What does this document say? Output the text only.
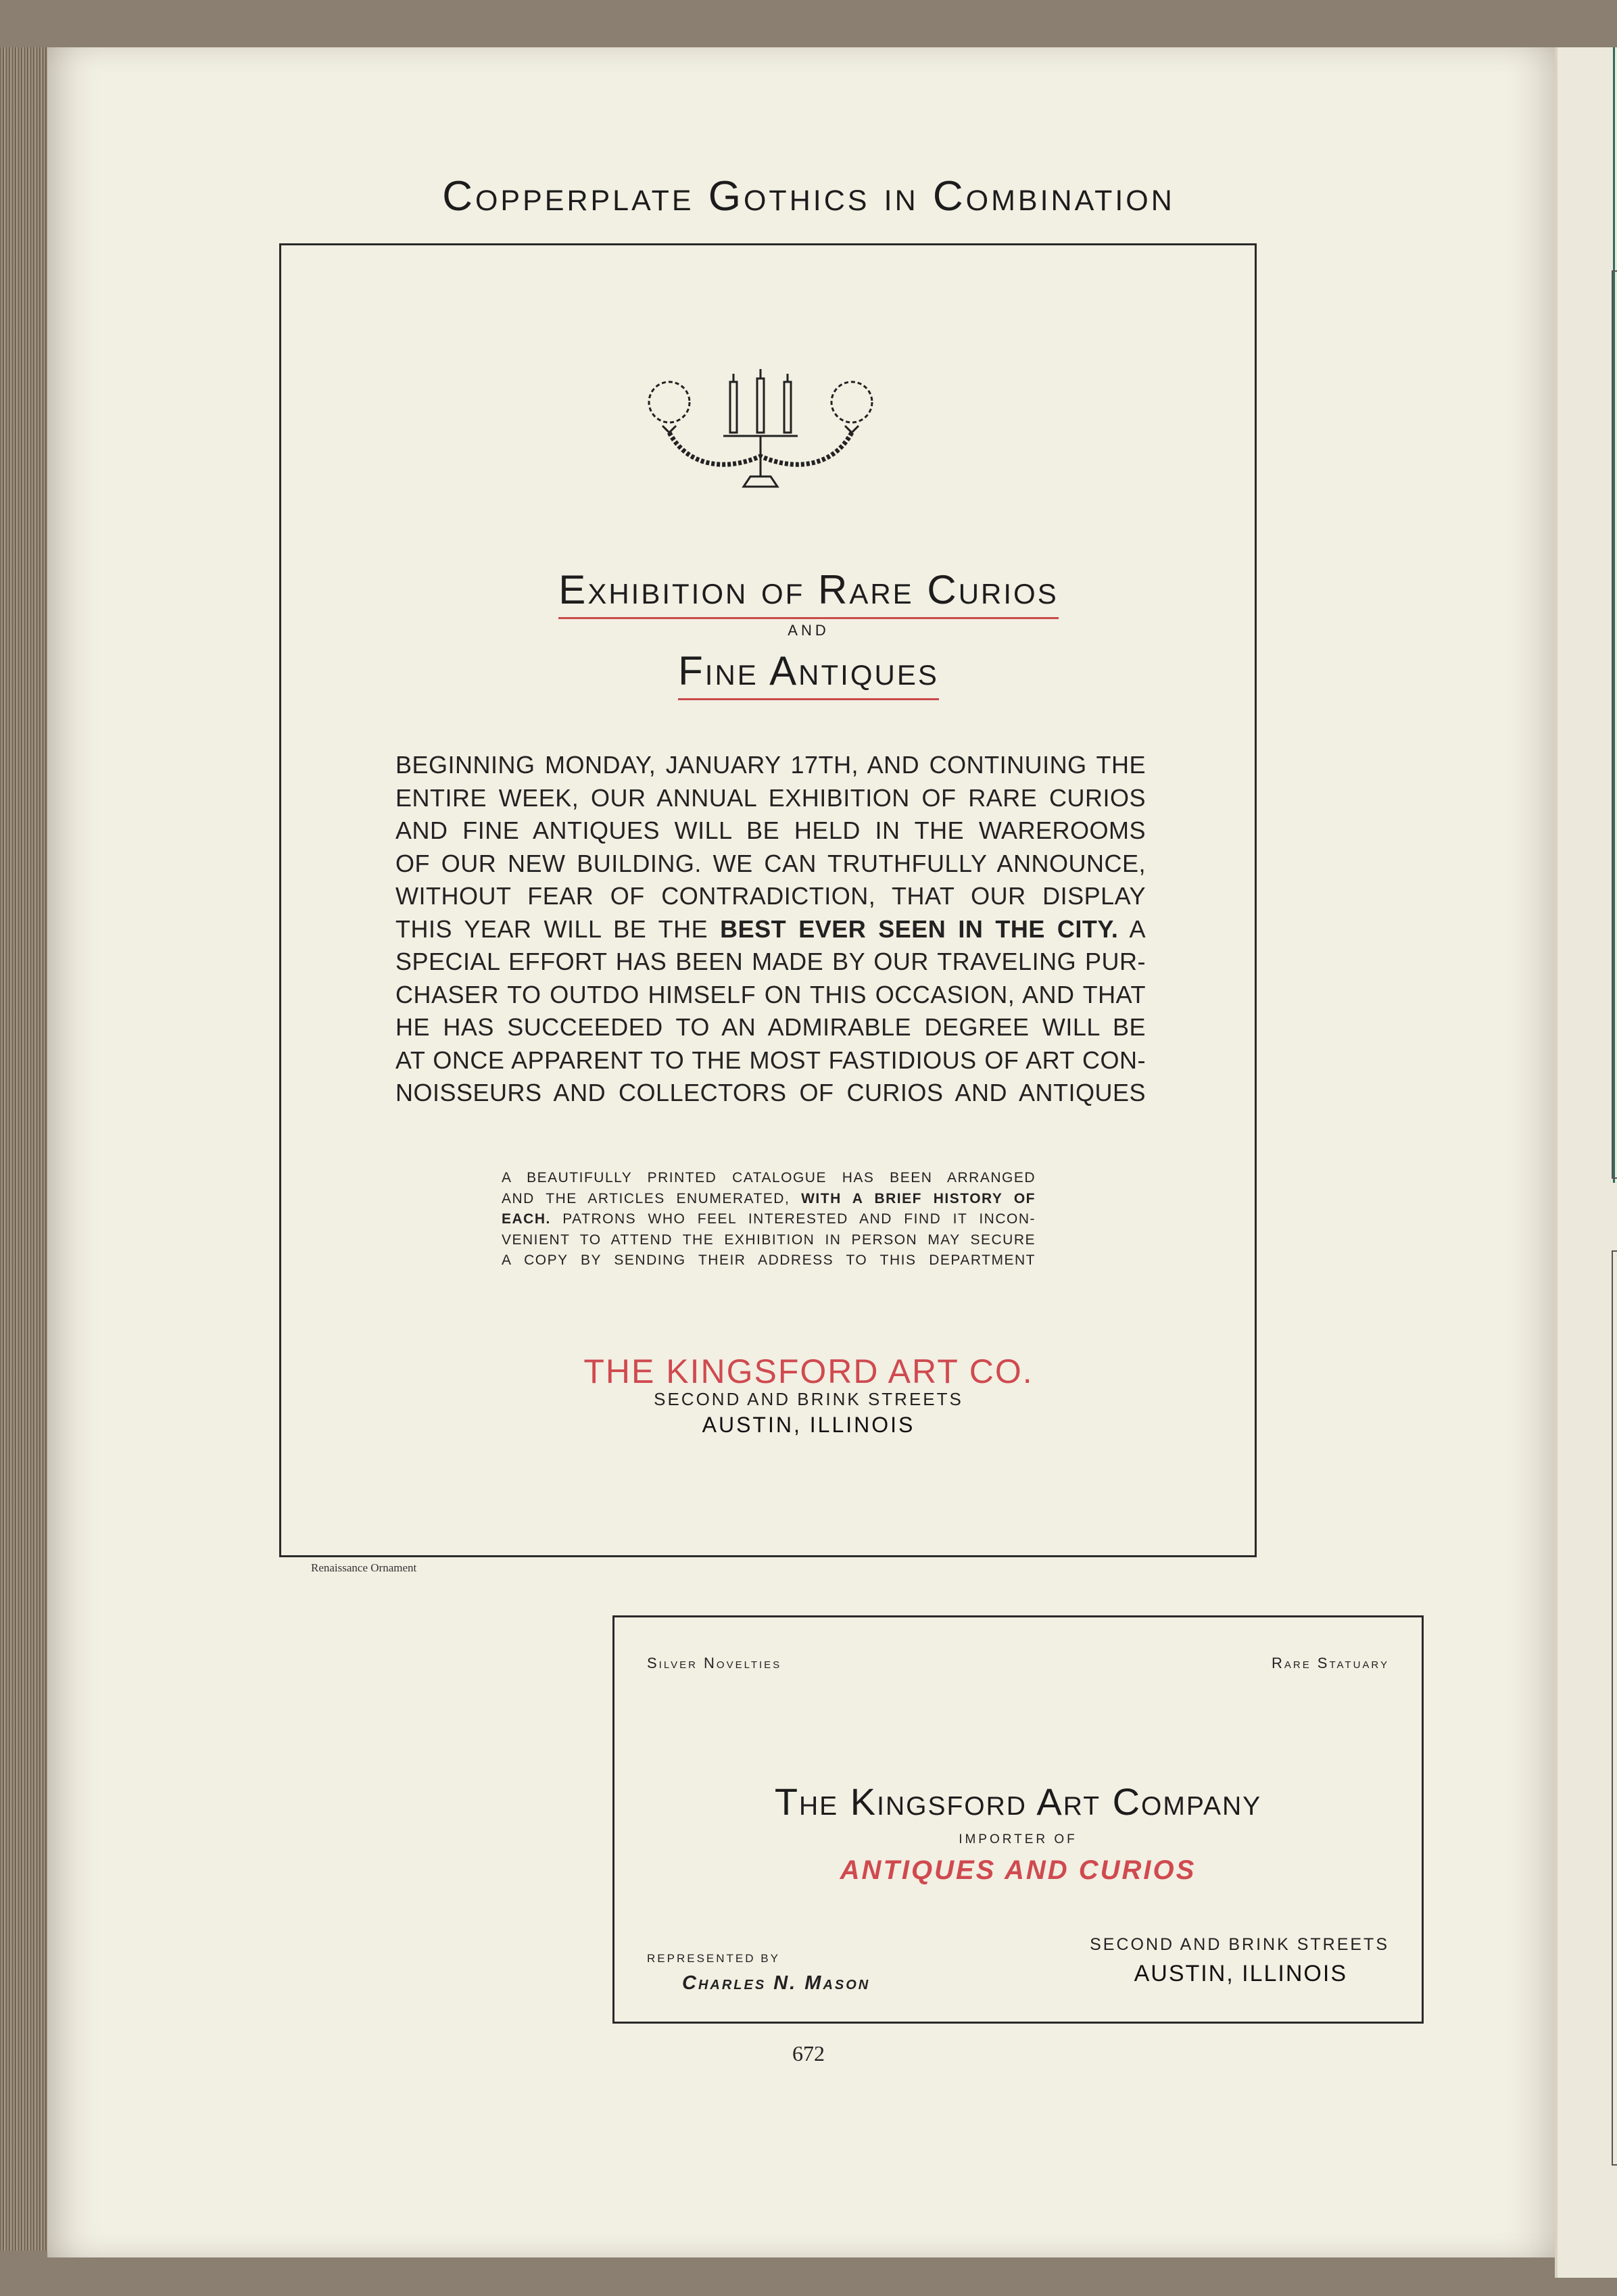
Copperplate Gothics in Combination
Exhibition of Rare Curios
AND
Fine Antiques
BEGINNING MONDAY, JANUARY 17TH, AND CONTINUING THE
ENTIRE WEEK, OUR ANNUAL EXHIBITION OF RARE CURIOS
AND FINE ANTIQUES WILL BE HELD IN THE WAREROOMS
OF OUR NEW BUILDING. WE CAN TRUTHFULLY ANNOUNCE,
WITHOUT FEAR OF CONTRADICTION, THAT OUR DISPLAY
THIS YEAR WILL BE THE BEST EVER SEEN IN THE CITY. A
SPECIAL EFFORT HAS BEEN MADE BY OUR TRAVELING PUR-
CHASER TO OUTDO HIMSELF ON THIS OCCASION, AND THAT
HE HAS SUCCEEDED TO AN ADMIRABLE DEGREE WILL BE
AT ONCE APPARENT TO THE MOST FASTIDIOUS OF ART CON-
NOISSEURS AND COLLECTORS OF CURIOS AND ANTIQUES
A BEAUTIFULLY PRINTED CATALOGUE HAS BEEN ARRANGED
AND THE ARTICLES ENUMERATED, WITH A BRIEF HISTORY OF
EACH. PATRONS WHO FEEL INTERESTED AND FIND IT INCON-
VENIENT TO ATTEND THE EXHIBITION IN PERSON MAY SECURE
A COPY BY SENDING THEIR ADDRESS TO THIS DEPARTMENT
THE KINGSFORD ART CO.
SECOND AND BRINK STREETS
AUSTIN, ILLINOIS
Renaissance Ornament
Silver Novelties	Rare Statuary
The Kingsford Art Company
IMPORTER OF
ANTIQUES AND CURIOS
REPRESENTED BY
Charles N. Mason
SECOND AND BRINK STREETS
AUSTIN, ILLINOIS
672
